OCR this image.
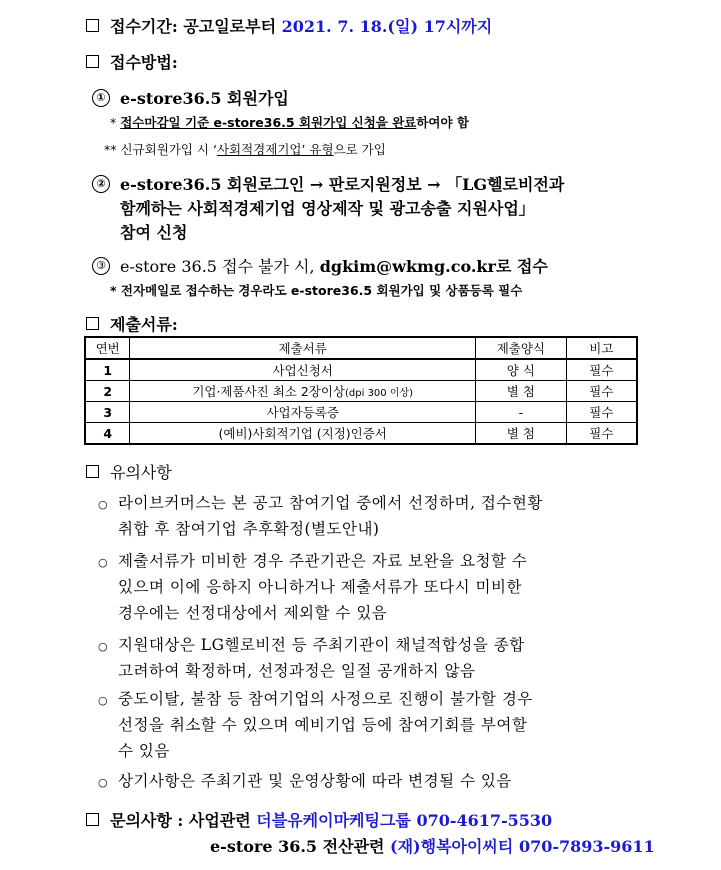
접수기간: 공고일로부터 2021. 7. 18.(일) 17시까지
접수방법:
① e-store36.5 회원가입
* 접수마감일 기준 e-store36.5 회원가입 신청을 완료하여야 함
** 신규회원가입 시 ‘사회적경제기업’ 유형으로 가입
② e-store36.5 회원로그인 → 판로지원정보 → 「LG헬로비전과
함께하는 사회적경제기업 영상제작 및 광고송출 지원사업」
참여 신청
③ e-store 36.5 접수 불가 시, dgkim@wkmg.co.kr로 접수
* 전자메일로 접수하는 경우라도 e-store36.5 회원가입 및 상품등록 필수
제출서류:
연번	제출서류	제출양식	비고
1	사업신청서	양 식	필수
2	기업·제품사진 최소 2장이상(dpi 300 이상)	별 첨	필수
3	사업자등록증	-	필수
4	(예비)사회적기업 (지정)인증서	별 첨	필수
유의사항
○ 라이브커머스는 본 공고 참여기업 중에서 선정하며, 접수현황
취합 후 참여기업 추후확정(별도안내)
○ 제출서류가 미비한 경우 주관기관은 자료 보완을 요청할 수
있으며 이에 응하지 아니하거나 제출서류가 또다시 미비한
경우에는 선정대상에서 제외할 수 있음
○ 지원대상은 LG헬로비전 등 주최기관이 채널적합성을 종합
고려하여 확정하며, 선정과정은 일절 공개하지 않음
○ 중도이탈, 불참 등 참여기업의 사정으로 진행이 불가할 경우
선정을 취소할 수 있으며 예비기업 등에 참여기회를 부여할
수 있음
○ 상기사항은 주최기관 및 운영상황에 따라 변경될 수 있음
문의사항 : 사업관련 더블유케이마케팅그룹 070-4617-5530
e-store 36.5 전산관련 (재)행복아이씨티 070-7893-9611
